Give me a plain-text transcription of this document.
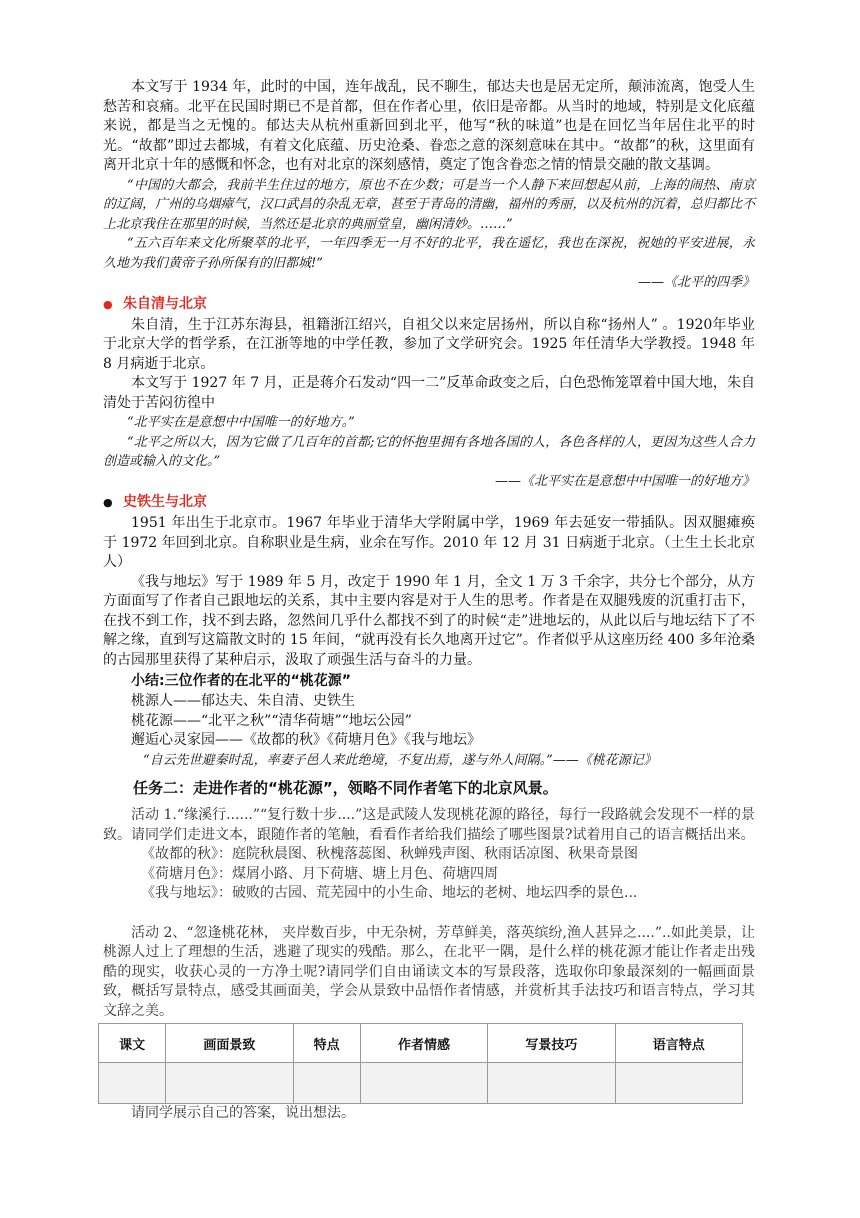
本文写于 1934 年，此时的中国，连年战乱，民不聊生，郁达夫也是居无定所，颠沛流离，饱受人生愁苦和哀痛。北平在民国时期已不是首都，但在作者心里，依旧是帝都。从当时的地域，特别是文化底蕴来说，都是当之无愧的。郁达夫从杭州重新回到北平，他写“秋的味道”也是在回忆当年居住北平的时光。“故都”即过去都城，有着文化底蕴、历史沧桑、眷恋之意的深刻意味在其中。“故都”的秋，这里面有离开北京十年的感慨和怀念，也有对北京的深刻感情，奠定了饱含眷恋之情的情景交融的散文基调。

“中国的大都会，我前半生住过的地方，原也不在少数；可是当一个人静下来回想起从前，上海的闹热、南京的辽阔，广州的乌烟瘴气，汉口武昌的杂乱无章，甚至于青岛的清幽，福州的秀丽，以及杭州的沉着，总归都比不上北京我住在那里的时候，当然还是北京的典丽堂皇，幽闲清妙。……”

“五六百年来文化所聚萃的北平，一年四季无一月不好的北平，我在遥忆，我也在深祝，祝她的平安进展，永久地为我们黄帝子孙所保有的旧都城!”

——《北平的四季》

● 朱自清与北京

朱自清，生于江苏东海县，祖籍浙江绍兴，自祖父以来定居扬州，所以自称“扬州人” 。1920年毕业于北京大学的哲学系，在江浙等地的中学任教，参加了文学研究会。1925 年任清华大学教授。1948 年 8 月病逝于北京。

本文写于 1927 年 7 月，正是蒋介石发动“四一二”反革命政变之后，白色恐怖笼罩着中国大地，朱自清处于苦闷彷徨中

“北平实在是意想中中国唯一的好地方。”

“北平之所以大，因为它做了几百年的首都;它的怀抱里拥有各地各国的人，各色各样的人，更因为这些人合力创造或输入的文化。”

——《北平实在是意想中中国唯一的好地方》

● 史铁生与北京

1951 年出生于北京市。1967 年毕业于清华大学附属中学，1969 年去延安一带插队。因双腿瘫痪于 1972 年回到北京。自称职业是生病，业余在写作。2010 年 12 月 31 日病逝于北京。（土生土长北京人）

《我与地坛》写于 1989 年 5 月，改定于 1990 年 1 月，全文 1 万 3 千余字，共分七个部分，从方方面面写了作者自己跟地坛的关系，其中主要内容是对于人生的思考。作者是在双腿残废的沉重打击下，在找不到工作，找不到去路，忽然间几乎什么都找不到了的时候“走”进地坛的，从此以后与地坛结下了不解之缘，直到写这篇散文时的 15 年间，“就再没有长久地离开过它”。作者似乎从这座历经 400 多年沧桑的古园那里获得了某种启示，汲取了顽强生活与奋斗的力量。

小结:三位作者的在北平的“桃花源”

桃源人——郁达夫、朱自清、史铁生

桃花源——“北平之秋”“清华荷塘”“地坛公园”

邂逅心灵家园——《故都的秋》《荷塘月色》《我与地坛》

“自云先世避秦时乱，率妻子邑人来此绝境，不复出焉，遂与外人间隔。”——《桃花源记》

任务二：走进作者的“桃花源”，领略不同作者笔下的北京风景。

活动 1.“缘溪行......”“复行数十步....”这是武陵人发现桃花源的路径，每行一段路就会发现不一样的景致。请同学们走进文本，跟随作者的笔触，看看作者给我们描绘了哪些图景?试着用自己的语言概括出来。

《故都的秋》：庭院秋晨图、秋槐落蕊图、秋蝉残声图、秋雨话凉图、秋果奇景图

《荷塘月色》：煤屑小路、月下荷塘、塘上月色、荷塘四周

《我与地坛》：破败的古园、荒芜园中的小生命、地坛的老树、地坛四季的景色...

活动 2、“忽逢桃花林， 夹岸数百步，中无杂树，芳草鲜美，落英缤纷,渔人甚异之....”..如此美景，让桃源人过上了理想的生活，逃避了现实的残酷。那么，在北平一隅，是什么样的桃花源才能让作者走出残酷的现实，收获心灵的一方净土呢?请同学们自由诵读文本的写景段落，选取你印象最深刻的一幅画面景致，概括写景特点，感受其画面美，学会从景致中品悟作者情感，并赏析其手法技巧和语言特点，学习其文辞之美。

课文	画面景致	特点	作者情感	写景技巧	语言特点

请同学展示自己的答案，说出想法。
